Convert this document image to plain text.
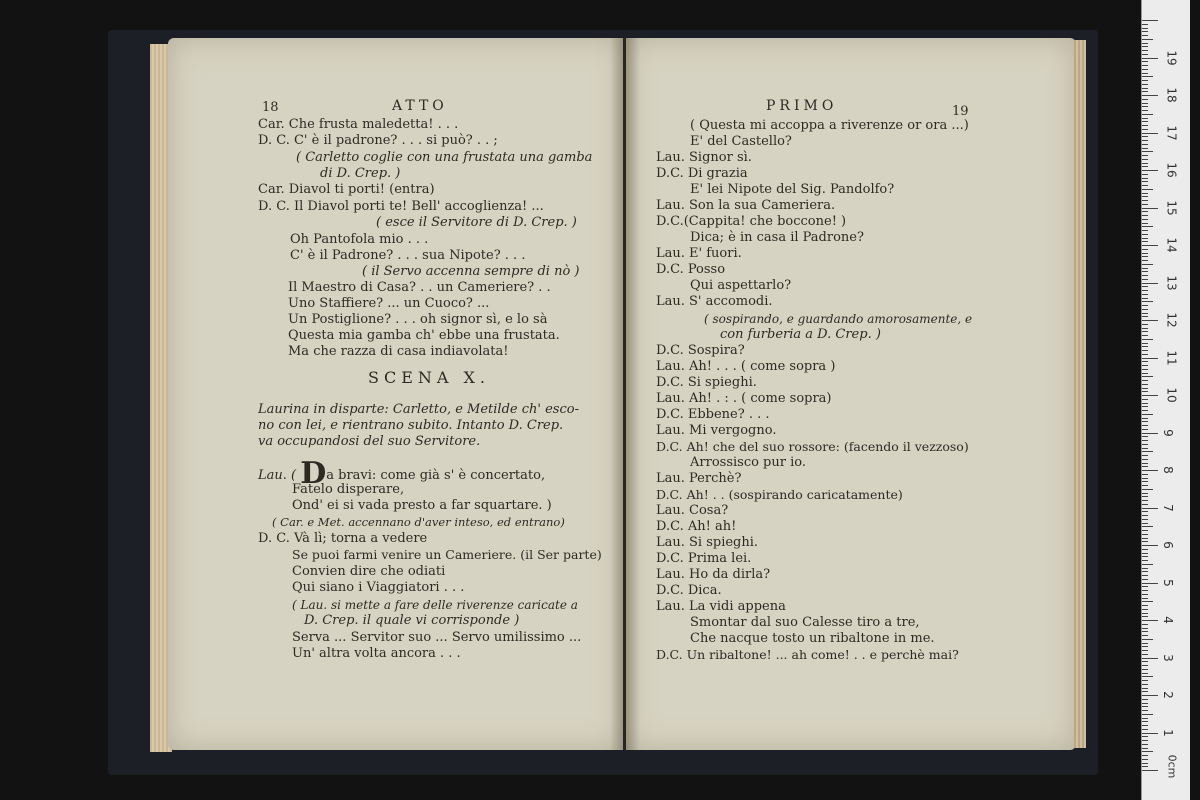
18	ATTO
Car. Che frusta maledetta! . . .
D. C. C' è il padrone? . . . si può? . . ;
( Carletto coglie con una frustata una gamba
di D. Crep. )
Car. Diavol ti porti! (entra)
D. C. Il Diavol porti te! Bell' accoglienza! ...
( esce il Servitore di D. Crep. )
Oh Pantofola mio . . .
C' è il Padrone? . . . sua Nipote? . . .
( il Servo accenna sempre di nò )
Il Maestro di Casa? . . un Cameriere? . .
Uno Staffiere? ... un Cuoco? ...
Un Postiglione? . . . oh signor sì, e lo sà
Questa mia gamba ch' ebbe una frustata.
Ma che razza di casa indiavolata!
SCENA X.
Laurina in disparte: Carletto, e Metilde ch' esco-
no con lei, e rientrano subito. Intanto D. Crep.
va occupandosi del suo Servitore.
Lau. ( Da bravi: come già s' è concertato,
Fatelo disperare,
Ond' ei si vada presto a far squartare. )
( Car. e Met. accennano d'aver inteso, ed entrano)
D. C. Và lì; torna a vedere
Se puoi farmi venire un Cameriere. (il Ser parte)
Convien dire che odiati
Qui siano i Viaggiatori . . .
( Lau. si mette a fare delle riverenze caricate a
D. Crep. il quale vi corrisponde )
Serva ... Servitor suo ... Servo umilissimo ...
Un' altra volta ancora . . .
PRIMO	19
( Questa mi accoppa a riverenze or ora ...)
E' del Castello?
Lau. Signor sì.
D.C. Di grazia
E' lei Nipote del Sig. Pandolfo?
Lau. Son la sua Cameriera.
D.C.(Cappita! che boccone! )
Dica; è in casa il Padrone?
Lau. E' fuori.
D.C. Posso
Qui aspettarlo?
Lau. S' accomodi.
( sospirando, e guardando amorosamente, e
con furberia a D. Crep. )
D.C. Sospira?
Lau. Ah! . . . ( come sopra )
D.C. Si spieghi.
Lau. Ah! . : . ( come sopra)
D.C. Ebbene? . . .
Lau. Mi vergogno.
D.C. Ah! che del suo rossore: (facendo il vezzoso)
Arrossisco pur io.
Lau. Perchè?
D.C. Ah! . . (sospirando caricatamente)
Lau. Cosa?
D.C. Ah! ah!
Lau. Si spieghi.
D.C. Prima lei.
Lau. Ho da dirla?
D.C. Dica.
Lau. La vidi appena
Smontar dal suo Calesse tiro a tre,
Che nacque tosto un ribaltone in me.
D.C. Un ribaltone! ... ah come! . . e perchè mai?
0cm
1
2
3
4
5
6
7
8
9
10
11
12
13
14
15
16
17
18
19
